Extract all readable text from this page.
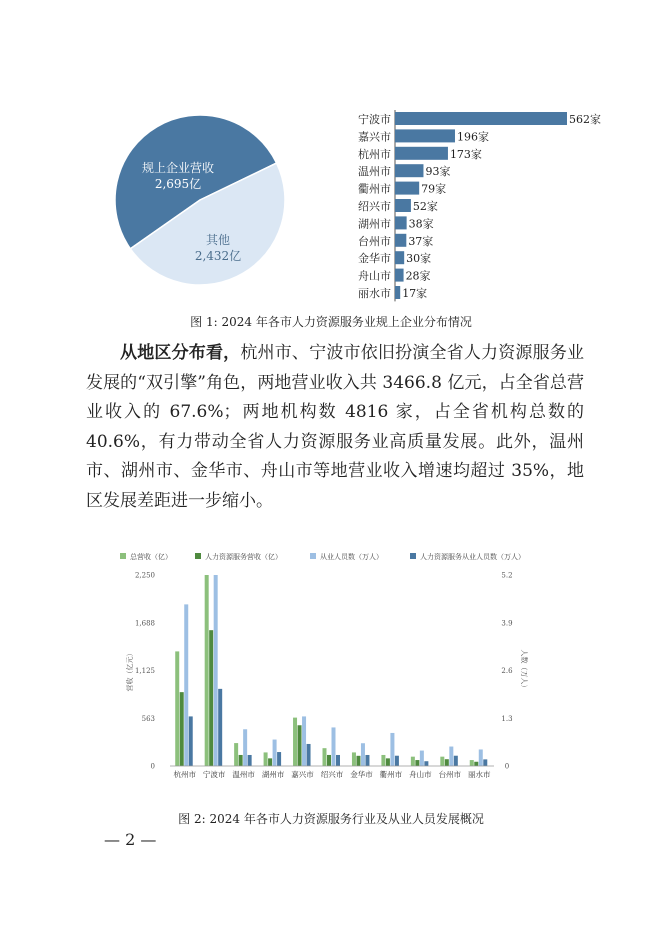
规上企业营收
2,695亿
其他
2,432亿
宁波市	562家
嘉兴市	196家
杭州市	173家
温州市	93家
衢州市	79家
绍兴市 52家
湖州市 38家
台州市 37家
金华市 30家
舟山市 28家
丽水市 17家
图 1: 2024 年各市人力资源服务业规上企业分布情况

从地区分布看，杭州市、宁波市依旧扮演全省人力资源服务业发展的“双引擎”角色，两地营业收入共 3466.8 亿元，占全省总营业收入的 67.6%；两地机构数 4816 家，占全省机构总数的 40.6%，有力带动全省人力资源服务业高质量发展。此外，温州市、湖州市、金华市、舟山市等地营业收入增速均超过 35%，地区发展差距进一步缩小。

总营收（亿）	人力资源服务营收（亿）	从业人员数（万人）	人力资源服务从业人员数（万人）
0
563
1,125
1,688
2,250
0
1.3
2.6
3.9
5.2
营收（亿元）	人数（万人）
杭州市 宁波市 温州市 湖州市 嘉兴市 绍兴市 金华市 衢州市 舟山市 台州市 丽水市
图 2: 2024 年各市人力资源服务行业及从业人员发展概况
— 2 —
